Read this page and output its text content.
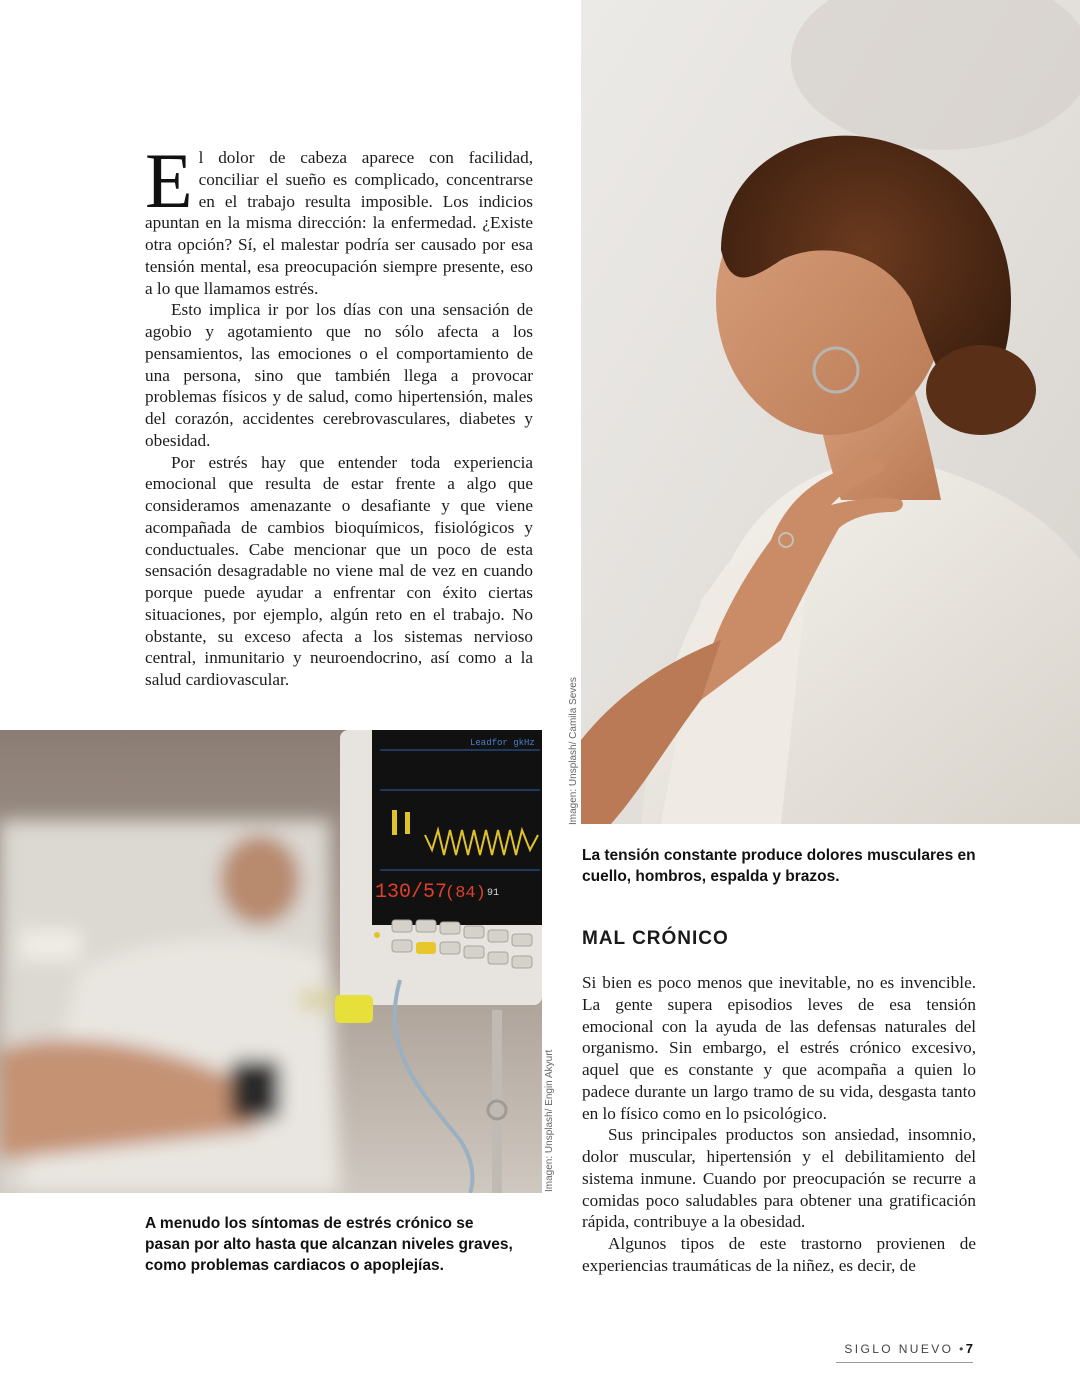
Leadfor gkHz
130/57
(84) 91

El dolor de cabeza aparece con facilidad, conciliar el sueño es complicado, concentrarse en el trabajo resulta imposible. Los indicios apuntan en la misma dirección: la enfermedad. ¿Existe otra opción? Sí, el malestar podría ser causado por esa tensión mental, esa preocupación siempre presente, eso a lo que llamamos estrés.

Esto implica ir por los días con una sensación de agobio y agotamiento que no sólo afecta a los pensamientos, las emociones o el comportamiento de una persona, sino que también llega a provocar problemas físicos y de salud, como hipertensión, males del corazón, accidentes cerebrovasculares, diabetes y obesidad.

Por estrés hay que entender toda experiencia emocional que resulta de estar frente a algo que consideramos amenazante o desafiante y que viene acompañada de cambios bioquímicos, fisiológicos y conductuales. Cabe mencionar que un poco de esta sensación desagradable no viene mal de vez en cuando porque puede ayudar a enfrentar con éxito ciertas situaciones, por ejemplo, algún reto en el trabajo. No obstante, su exceso afecta a los sistemas nervioso central, inmunitario y neuroendocrino, así como a la salud cardiovascular.	Imagen: Unsplash/ Camila Seves
Imagen: Unsplash/ Engin Akyurt

La tensión constante produce dolores musculares en cuello, hombros, espalda y brazos.

A menudo los síntomas de estrés crónico se pasan por alto hasta que alcanzan niveles graves, como problemas cardiacos o apoplejías.

MAL CRÓNICO

Si bien es poco menos que inevitable, no es invencible. La gente supera episodios leves de esa tensión emocional con la ayuda de las defensas naturales del organismo. Sin embargo, el estrés crónico excesivo, aquel que es constante y que acompaña a quien lo padece durante un largo tramo de su vida, desgasta tanto en lo físico como en lo psicológico.

Sus principales productos son ansiedad, insomnio, dolor muscular, hipertensión y el debilitamiento del sistema inmune. Cuando por preocupación se recurre a comidas poco saludables para obtener una gratificación rápida, contribuye a la obesidad.

Algunos tipos de este trastorno provienen de experiencias traumáticas de la niñez, es decir, de

SIGLO NUEVO •7
